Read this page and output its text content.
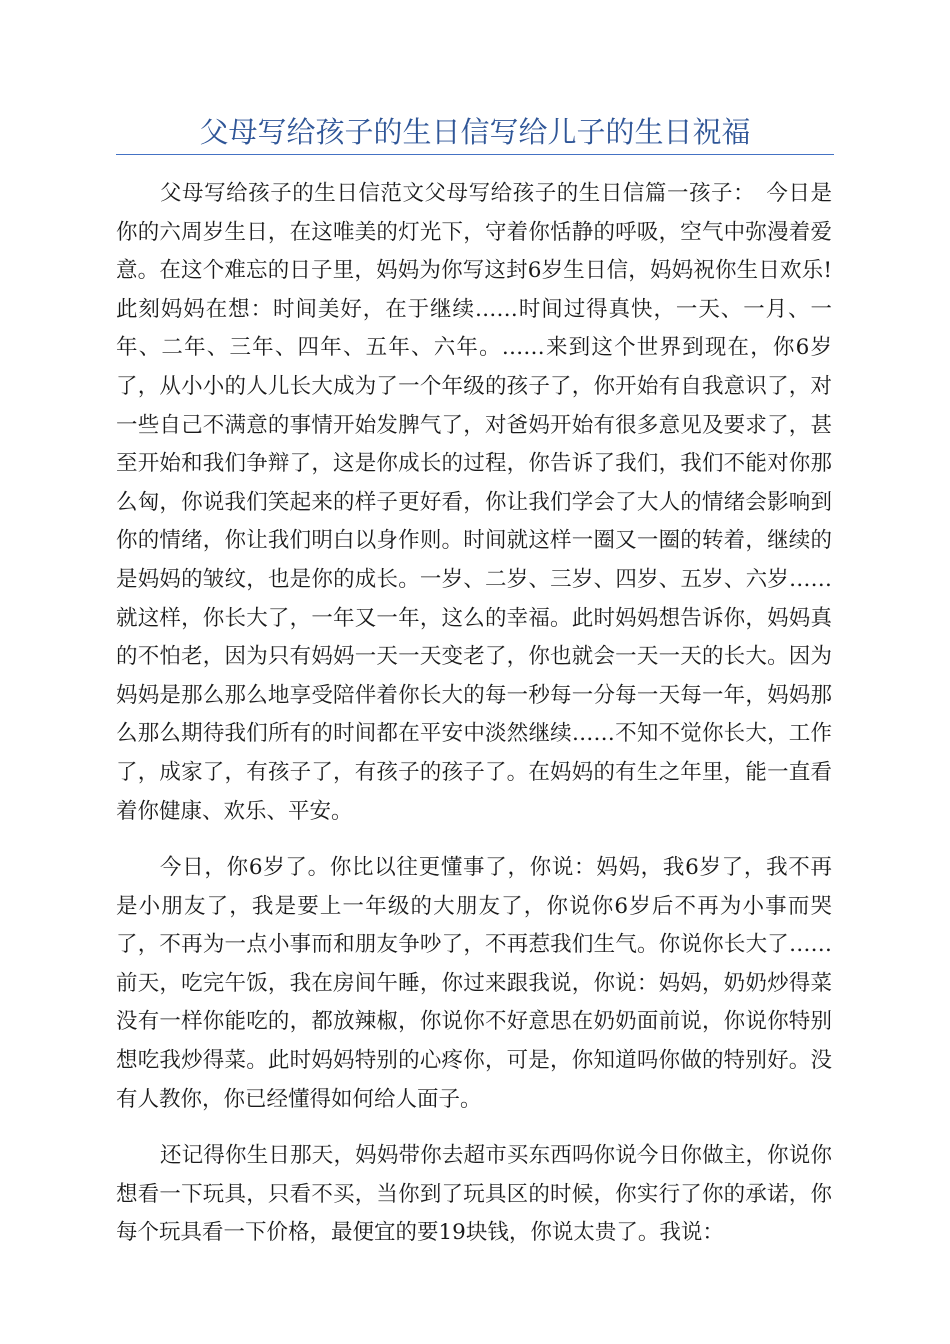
父母写给孩子的生日信写给儿子的生日祝福

父母写给孩子的生日信范文父母写给孩子的生日信篇一孩子：　今日是你的六周岁生日，在这唯美的灯光下，守着你恬静的呼吸，空气中弥漫着爱意。在这个难忘的日子里，妈妈为你写这封6岁生日信，妈妈祝你生日欢乐!此刻妈妈在想：时间美好，在于继续……时间过得真快，一天、一月、一年、二年、三年、四年、五年、六年。……来到这个世界到现在，你6岁了，从小小的人儿长大成为了一个年级的孩子了，你开始有自我意识了，对一些自己不满意的事情开始发脾气了，对爸妈开始有很多意见及要求了，甚至开始和我们争辩了，这是你成长的过程，你告诉了我们，我们不能对你那么匈，你说我们笑起来的样子更好看，你让我们学会了大人的情绪会影响到你的情绪，你让我们明白以身作则。时间就这样一圈又一圈的转着，继续的是妈妈的皱纹，也是你的成长。一岁、二岁、三岁、四岁、五岁、六岁……就这样，你长大了，一年又一年，这么的幸福。此时妈妈想告诉你，妈妈真的不怕老，因为只有妈妈一天一天变老了，你也就会一天一天的长大。因为妈妈是那么那么地享受陪伴着你长大的每一秒每一分每一天每一年，妈妈那么那么期待我们所有的时间都在平安中淡然继续……不知不觉你长大，工作了，成家了，有孩子了，有孩子的孩子了。在妈妈的有生之年里，能一直看着你健康、欢乐、平安。

今日，你6岁了。你比以往更懂事了，你说：妈妈，我6岁了，我不再是小朋友了，我是要上一年级的大朋友了，你说你6岁后不再为小事而哭了，不再为一点小事而和朋友争吵了，不再惹我们生气。你说你长大了……前天，吃完午饭，我在房间午睡，你过来跟我说，你说：妈妈，奶奶炒得菜没有一样你能吃的，都放辣椒，你说你不好意思在奶奶面前说，你说你特别想吃我炒得菜。此时妈妈特别的心疼你，可是，你知道吗你做的特别好。没有人教你，你已经懂得如何给人面子。

还记得你生日那天，妈妈带你去超市买东西吗你说今日你做主，你说你想看一下玩具，只看不买，当你到了玩具区的时候，你实行了你的承诺，你每个玩具看一下价格，最便宜的要19块钱，你说太贵了。我说：
